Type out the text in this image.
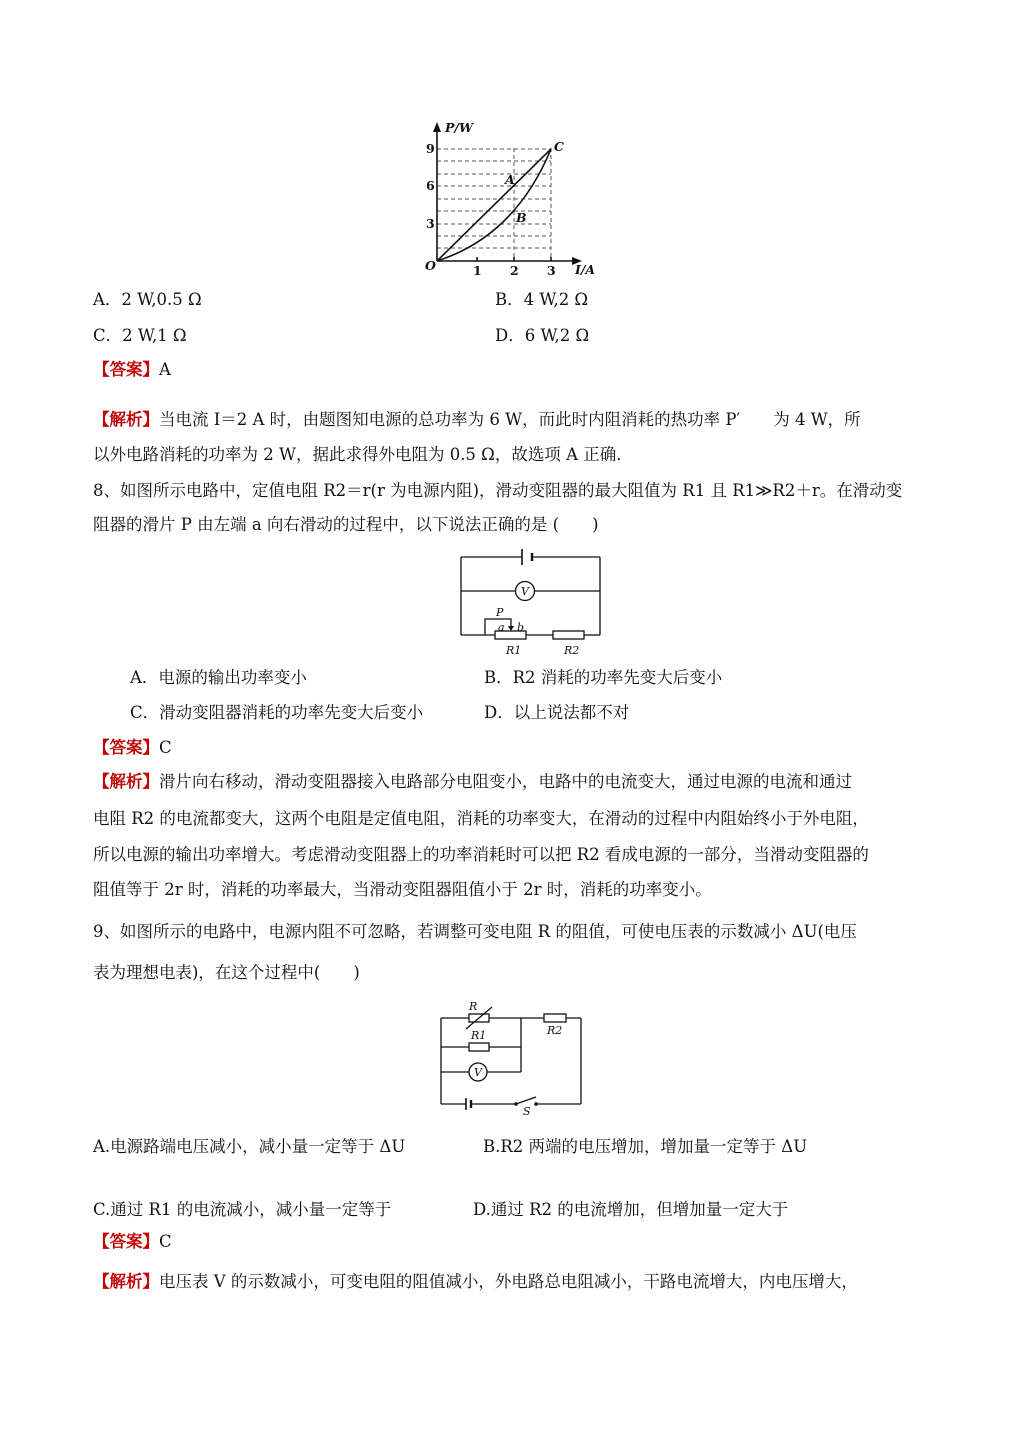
P/W
I/A
O
A
B
C
3
6
9
1 2 3
A．2 W,0.5 Ω	B．4 W,2 Ω
C．2 W,1 Ω	D．6 W,2 Ω
【答案】A
【解析】当电流 I＝2 A 时，由题图知电源的总功率为 6 W，而此时内阻消耗的热功率 P′　　为 4 W，所
以外电路消耗的功率为 2 W，据此求得外电阻为 0.5 Ω，故选项 A 正确．
8、如图所示电路中，定值电阻 R2＝r(r 为电源内阻)，滑动变阻器的最大阻值为 R1 且 R1≫R2＋r。在滑动变
阻器的滑片 P 由左端 a 向右滑动的过程中，以下说法正确的是 (　　)
V
P
a b
R1	R2
A．电源的输出功率变小	B．R2 消耗的功率先变大后变小
C．滑动变阻器消耗的功率先变大后变小	D．以上说法都不对
【答案】C
【解析】滑片向右移动，滑动变阻器接入电路部分电阻变小，电路中的电流变大，通过电源的电流和通过
电阻 R2 的电流都变大，这两个电阻是定值电阻，消耗的功率变大，在滑动的过程中内阻始终小于外电阻，
所以电源的输出功率增大。考虑滑动变阻器上的功率消耗时可以把 R2 看成电源的一部分，当滑动变阻器的
阻值等于 2r 时，消耗的功率最大，当滑动变阻器阻值小于 2r 时，消耗的功率变小。
9、如图所示的电路中，电源内阻不可忽略，若调整可变电阻 R 的阻值，可使电压表的示数减小 ΔU(电压
表为理想电表)，在这个过程中(　　)
R
R1	R2
V
S
A.电源路端电压减小，减小量一定等于 ΔU	B.R2 两端的电压增加，增加量一定等于 ΔU
C.通过 R1 的电流减小，减小量一定等于	D.通过 R2 的电流增加，但增加量一定大于
【答案】C
【解析】电压表 V 的示数减小，可变电阻的阻值减小，外电路总电阻减小，干路电流增大，内电压增大，
